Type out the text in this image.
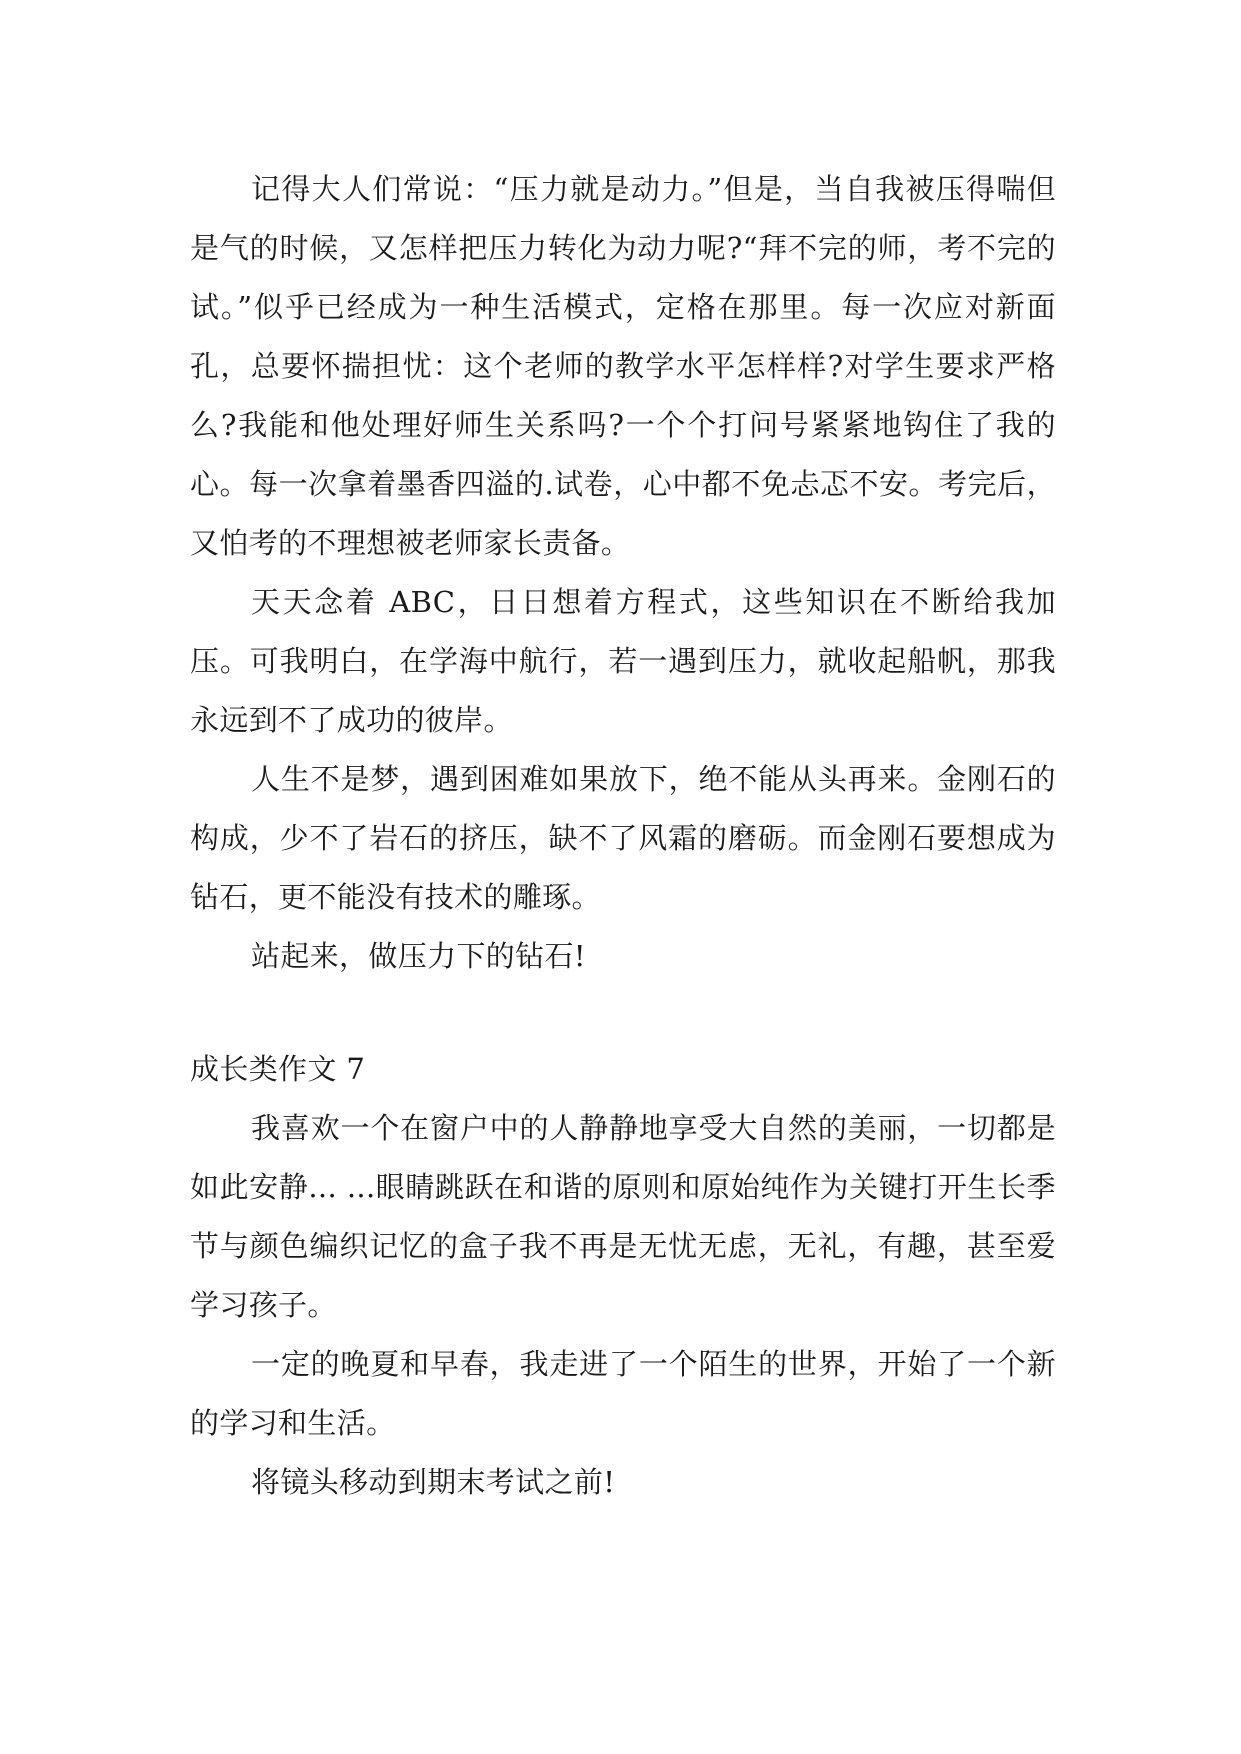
记得大人们常说：“压力就是动力。”但是，当自我被压得喘但是气的时候，又怎样把压力转化为动力呢?“拜不完的师，考不完的试。”似乎已经成为一种生活模式，定格在那里。每一次应对新面孔，总要怀揣担忧：这个老师的教学水平怎样样?对学生要求严格么?我能和他处理好师生关系吗?一个个打问号紧紧地钩住了我的心。每一次拿着墨香四溢的.试卷，心中都不免忐忑不安。考完后，又怕考的不理想被老师家长责备。

天天念着 ABC，日日想着方程式，这些知识在不断给我加压。可我明白，在学海中航行，若一遇到压力，就收起船帆，那我永远到不了成功的彼岸。

人生不是梦，遇到困难如果放下，绝不能从头再来。金刚石的构成，少不了岩石的挤压，缺不了风霜的磨砺。而金刚石要想成为钻石，更不能没有技术的雕琢。

站起来，做压力下的钻石!

成长类作文 7

我喜欢一个在窗户中的人静静地享受大自然的美丽，一切都是如此安静... ...眼睛跳跃在和谐的原则和原始纯作为关键打开生长季节与颜色编织记忆的盒子我不再是无忧无虑，无礼，有趣，甚至爱学习孩子。

一定的晚夏和早春，我走进了一个陌生的世界，开始了一个新的学习和生活。

将镜头移动到期末考试之前!
